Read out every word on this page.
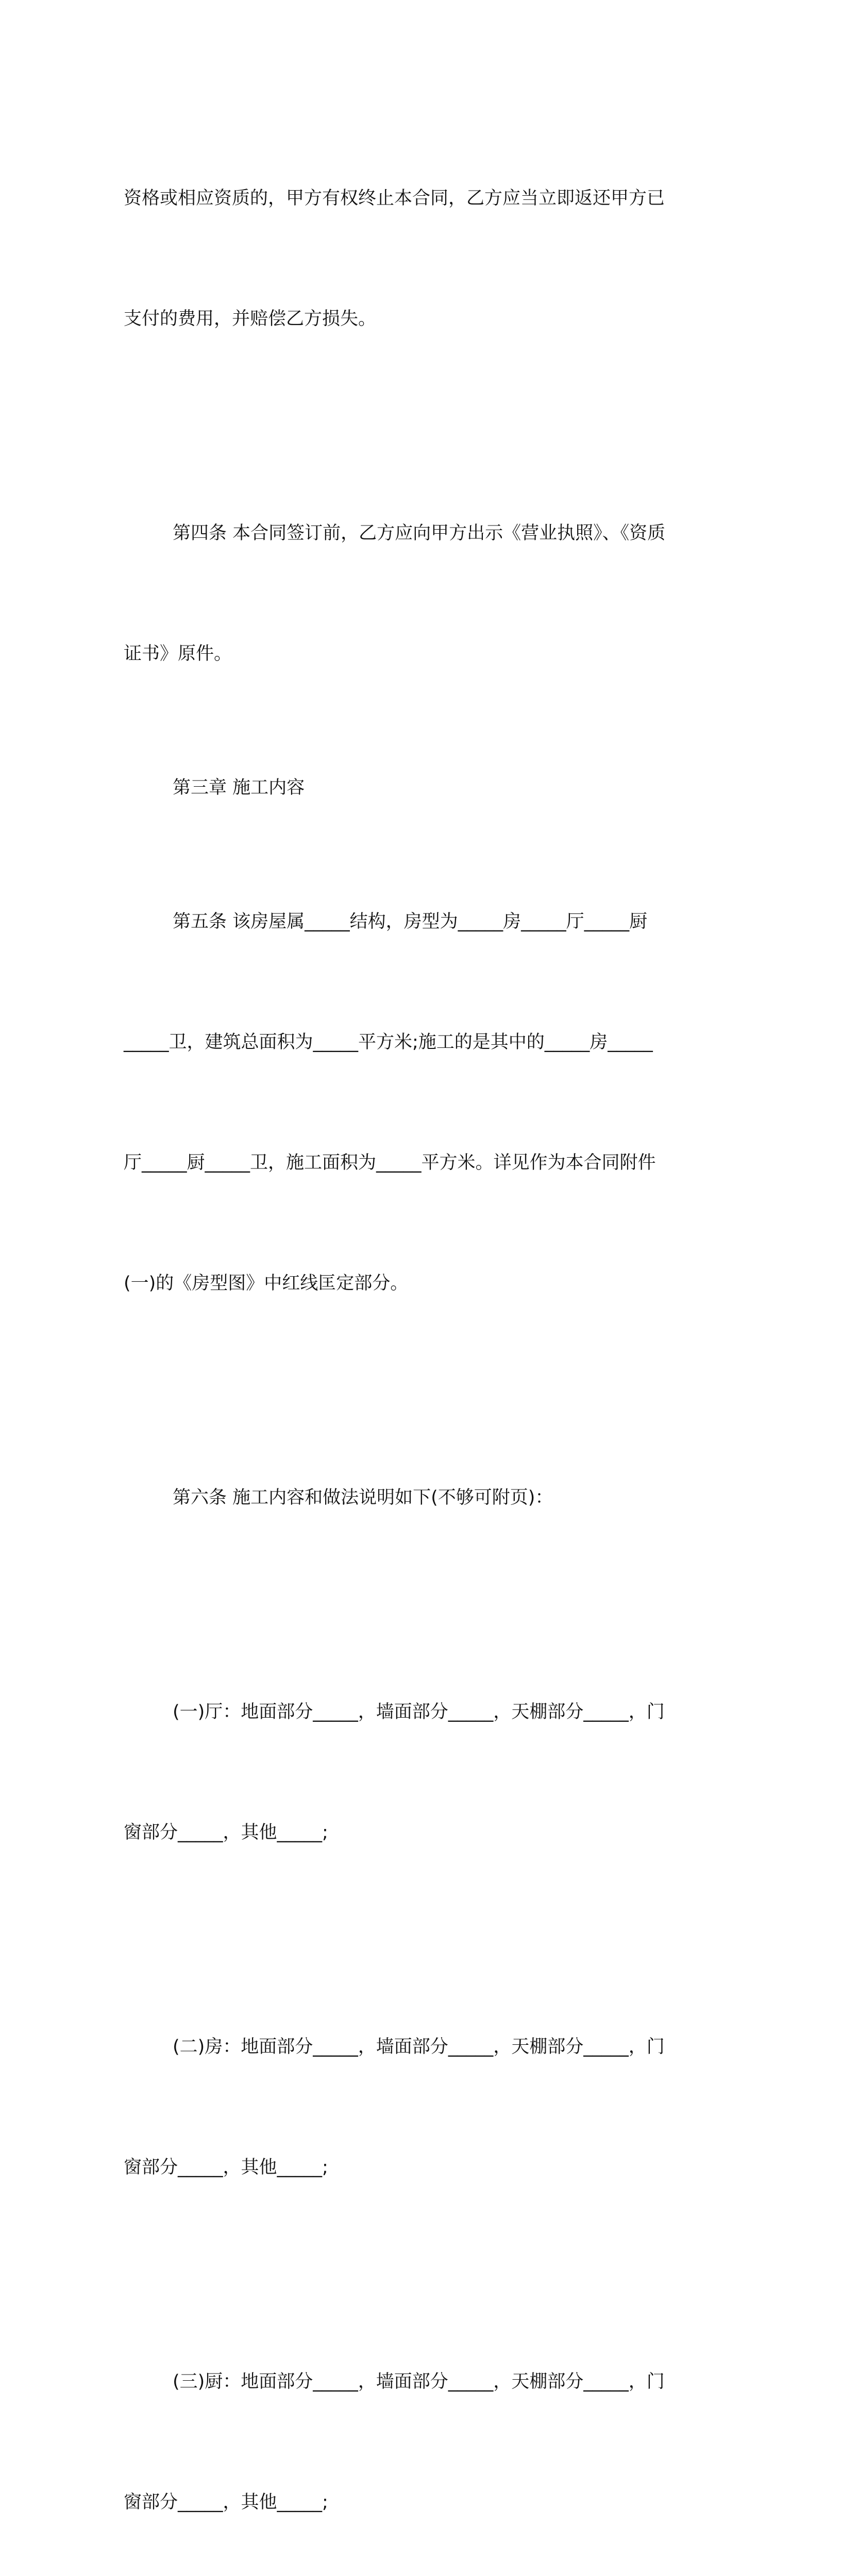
资格或相应资质的，甲方有权终止本合同，乙方应当立即返还甲方已

支付的费用，并赔偿乙方损失。

第四条 本合同签订前，乙方应向甲方出示《营业执照》、《资质

证书》原件。

第三章 施工内容

第五条 该房屋属_____结构，房型为_____房_____厅_____厨

_____卫，建筑总面积为_____平方米;施工的是其中的_____房_____

厅_____厨_____卫，施工面积为_____平方米。详见作为本合同附件

(一)的《房型图》中红线匡定部分。

第六条 施工内容和做法说明如下(不够可附页)：

(一)厅：地面部分_____，墙面部分_____，天棚部分_____，门

窗部分_____，其他_____;

(二)房：地面部分_____，墙面部分_____，天棚部分_____，门

窗部分_____，其他_____;

(三)厨：地面部分_____，墙面部分_____，天棚部分_____，门

窗部分_____，其他_____;
